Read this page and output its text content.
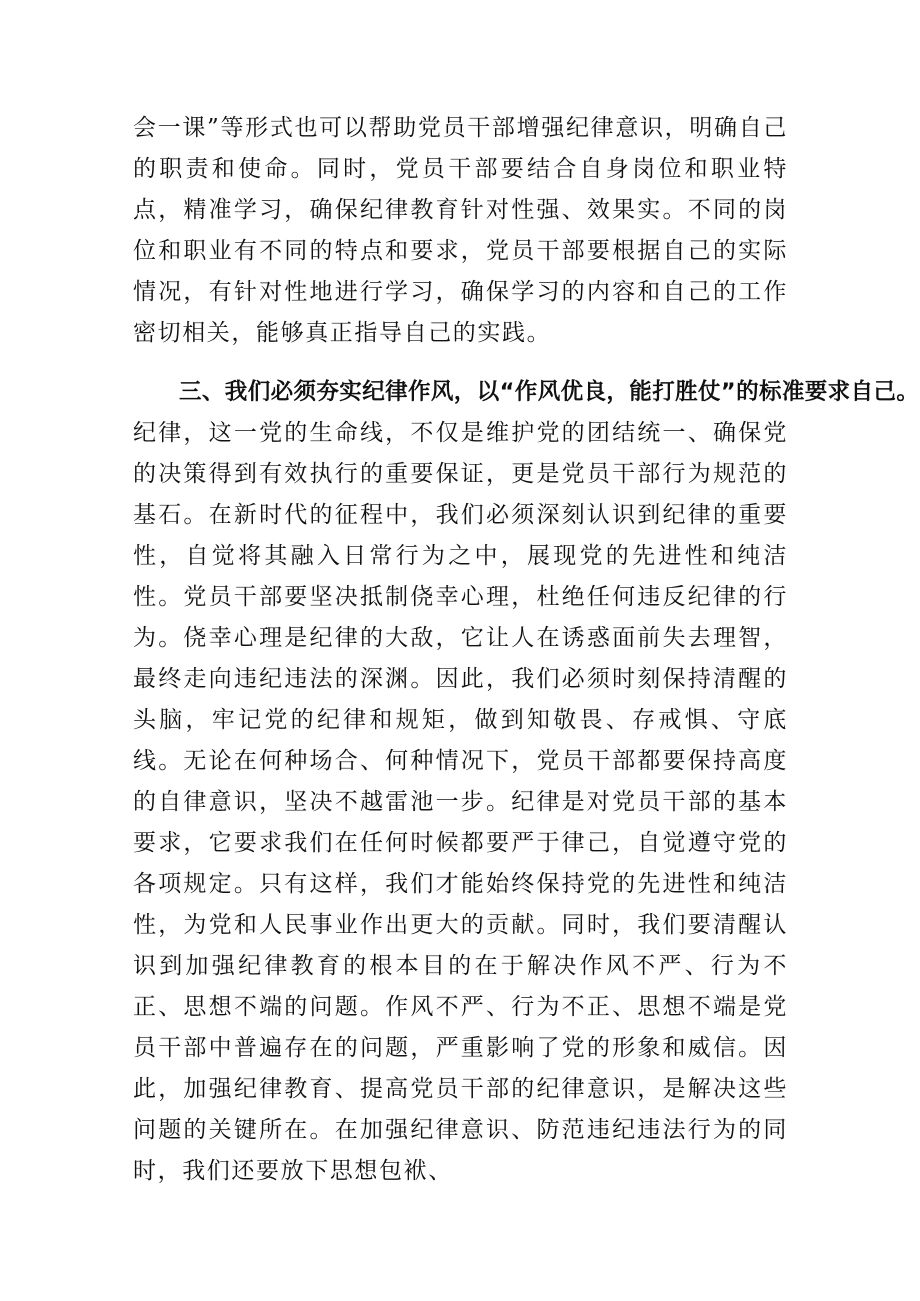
会一课”等形式也可以帮助党员干部增强纪律意识，明确自己的职责和使命。同时，党员干部要结合自身岗位和职业特点，精准学习，确保纪律教育针对性强、效果实。不同的岗位和职业有不同的特点和要求，党员干部要根据自己的实际情况，有针对性地进行学习，确保学习的内容和自己的工作密切相关，能够真正指导自己的实践。
三、我们必须夯实纪律作风，以“作风优良，能打胜仗”的标准要求自己。
纪律，这一党的生命线，不仅是维护党的团结统一、确保党的决策得到有效执行的重要保证，更是党员干部行为规范的基石。在新时代的征程中，我们必须深刻认识到纪律的重要性，自觉将其融入日常行为之中，展现党的先进性和纯洁性。党员干部要坚决抵制侥幸心理，杜绝任何违反纪律的行为。侥幸心理是纪律的大敌，它让人在诱惑面前失去理智，最终走向违纪违法的深渊。因此，我们必须时刻保持清醒的头脑，牢记党的纪律和规矩，做到知敬畏、存戒惧、守底线。无论在何种场合、何种情况下，党员干部都要保持高度的自律意识，坚决不越雷池一步。纪律是对党员干部的基本要求，它要求我们在任何时候都要严于律己，自觉遵守党的各项规定。只有这样，我们才能始终保持党的先进性和纯洁性，为党和人民事业作出更大的贡献。同时，我们要清醒认识到加强纪律教育的根本目的在于解决作风不严、行为不正、思想不端的问题。作风不严、行为不正、思想不端是党员干部中普遍存在的问题，严重影响了党的形象和威信。因此，加强纪律教育、提高党员干部的纪律意识，是解决这些问题的关键所在。在加强纪律意识、防范违纪违法行为的同时，我们还要放下思想包袱、
